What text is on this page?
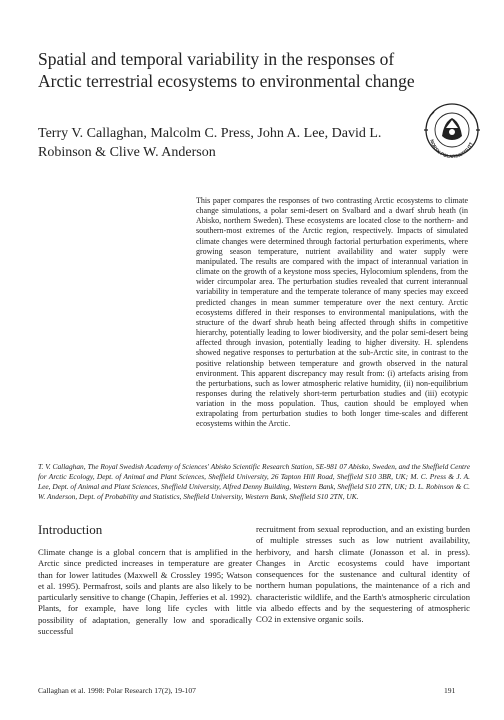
Spatial and temporal variability in the responses of Arctic terrestrial ecosystems to environmental change
Terry V. Callaghan, Malcolm C. Press, John A. Lee, David L. Robinson & Clive W. Anderson
NORSK POLARINSTITUTT

This paper compares the responses of two contrasting Arctic ecosystems to climate change simulations, a polar semi-desert on Svalbard and a dwarf shrub heath (in Abisko, northern Sweden). These ecosystems are located close to the northern- and southern-most extremes of the Arctic region, respectively. Impacts of simulated climate changes were determined through factorial perturbation experiments, where growing season temperature, nutrient availability and water supply were manipulated. The results are compared with the impact of interannual variation in climate on the growth of a keystone moss species, Hylocomium splendens, from the wider circumpolar area. The perturbation studies revealed that current interannual variability in temperature and the temperate tolerance of many species may exceed predicted changes in mean summer temperature over the next century. Arctic ecosystems differed in their responses to environmental manipulations, with the structure of the dwarf shrub heath being affected through shifts in competitive hierarchy, potentially leading to lower biodiversity, and the polar semi-desert being affected through invasion, potentially leading to higher diversity. H. splendens showed negative responses to perturbation at the sub-Arctic site, in contrast to the positive relationship between temperature and growth observed in the natural environment. This apparent discrepancy may result from: (i) artefacts arising from the perturbations, such as lower atmospheric relative humidity, (ii) non-equilibrium responses during the relatively short-term perturbation studies and (iii) ecotypic variation in the moss population. Thus, caution should be employed when extrapolating from perturbation studies to both longer time-scales and different ecosystems within the Arctic.

T. V. Callaghan, The Royal Swedish Academy of Sciences' Abisko Scientific Research Station, SE-981 07 Abisko, Sweden, and the Sheffield Centre for Arctic Ecology, Dept. of Animal and Plant Sciences, Sheffield University, 26 Tapton Hill Road, Sheffield S10 3BR, UK; M. C. Press & J. A. Lee, Dept. of Animal and Plant Sciences, Sheffield University, Alfred Denny Building, Western Bank, Sheffield S10 2TN, UK; D. L. Robinson & C. W. Anderson, Dept. of Probability and Statistics, Sheffield University, Western Bank, Sheffield S10 2TN, UK.

Introduction

Climate change is a global concern that is amplified in the Arctic since predicted increases in temperature are greater than for lower latitudes (Maxwell & Crossley 1995; Watson et al. 1995). Permafrost, soils and plants are also likely to be particularly sensitive to change (Chapin, Jefferies et al. 1992). Plants, for example, have long life cycles with little possibility of adaptation, generally low and sporadically successful

recruitment from sexual reproduction, and an existing burden of multiple stresses such as low nutrient availability, herbivory, and harsh climate (Jonasson et al. in press). Changes in Arctic ecosystems could have important consequences for the sustenance and cultural identity of northern human populations, the maintenance of a rich and characteristic wildlife, and the Earth's atmospheric circulation via albedo effects and by the sequestering of atmospheric CO2 in extensive organic soils.

Callaghan et al. 1998: Polar Research 17(2), 19-107	191
